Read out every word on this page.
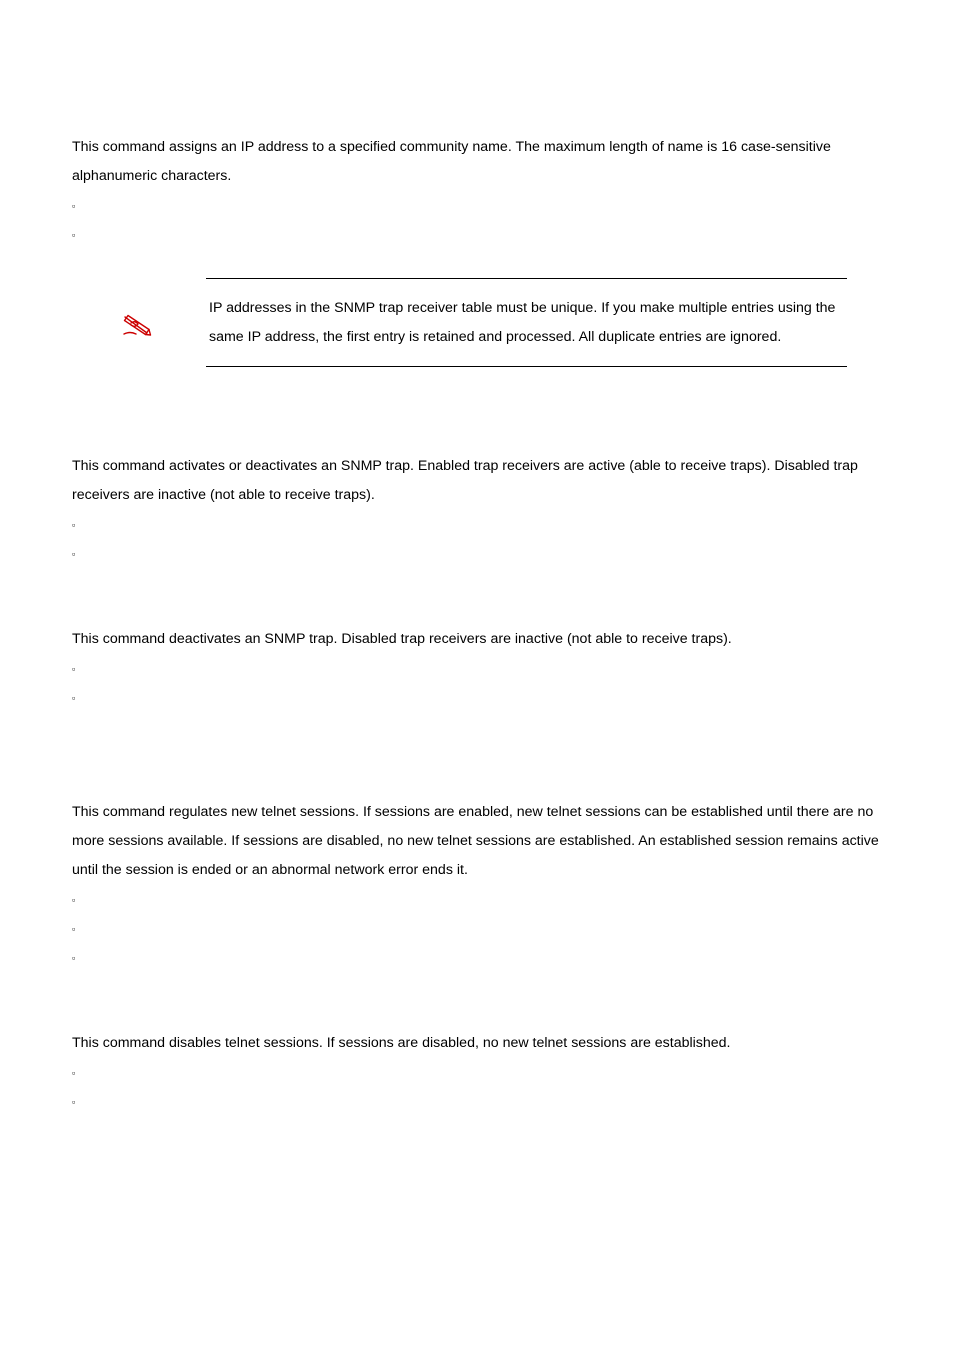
This command assigns an IP address to a specified community name. The maximum length of name is 16 case-sensitive alphanumeric characters.

▫
▫

IP addresses in the SNMP trap receiver table must be unique. If you make multiple entries using the same IP address, the first entry is retained and processed. All duplicate entries are ignored.

This command activates or deactivates an SNMP trap. Enabled trap receivers are active (able to receive traps). Disabled trap receivers are inactive (not able to receive traps).

▫
▫

This command deactivates an SNMP trap. Disabled trap receivers are inactive (not able to receive traps).

▫
▫

This command regulates new telnet sessions. If sessions are enabled, new telnet sessions can be established until there are no more sessions available. If sessions are disabled, no new telnet sessions are established. An established session remains active until the session is ended or an abnormal network error ends it.

▫
▫
▫

This command disables telnet sessions. If sessions are disabled, no new telnet sessions are established.

▫
▫
